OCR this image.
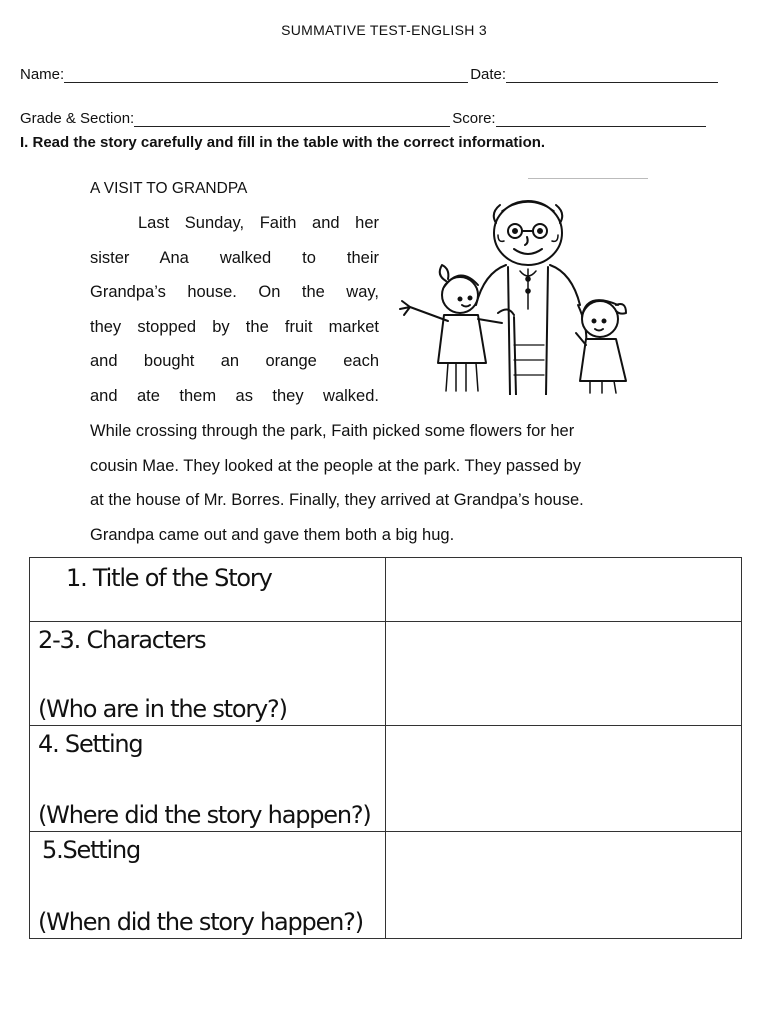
SUMMATIVE TEST-ENGLISH 3
Name:	Date:
Grade & Section:	Score:
I. Read the story carefully and fill in the table with the correct information.
A VISIT TO GRANDPA
Last Sunday, Faith and her
sister Ana walked to their
Grandpa’s house. On the way,
they stopped by the fruit market
and bought an orange each
and ate them as they walked.
While crossing through the park, Faith picked some flowers for her
cousin Mae. They looked at the people at the park. They passed by
at the house of Mr. Borres. Finally, they arrived at Grandpa’s house.
Grandpa came out and gave them both a big hug.
1. Title of the Story	

2-3. Characters
(Who are in the story?)	

4. Setting
(Where did the story happen?)	

5.Setting
(When did the story happen?)	
